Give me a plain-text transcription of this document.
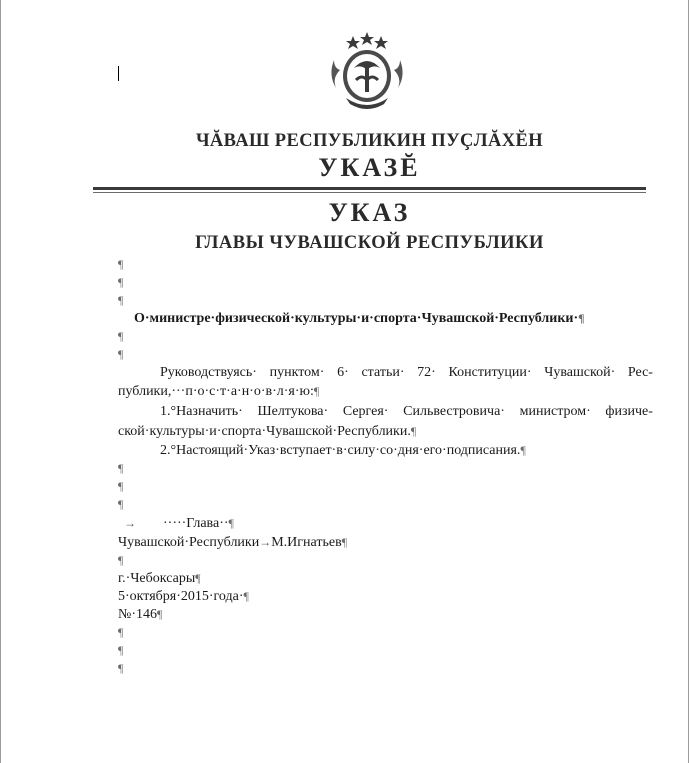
ЧĂВАШ РЕСПУБЛИКИН ПУÇЛĂХĔН
УКАЗĔ
УКАЗ
ГЛАВЫ ЧУВАШСКОЙ РЕСПУБЛИКИ
¶
¶
¶
О·министре·физической·культуры·и·спорта·Чувашской·Республики·¶
¶
¶
Руководствуясь· пунктом· 6· статьи· 72· Конституции· Чувашской· Рес-
публики,···п·о·с·т·а·н·о·в·л·я·ю:¶
1.°Назначить· Шелтукова· Сергея· Сильвестровича· министром· физиче-
ской·культуры·и·спорта·Чувашской·Республики.¶
2.°Настоящий·Указ·вступает·в·силу·со·дня·его·подписания.¶
¶
¶
¶
→ ·····Глава··¶
Чувашской·Республики→М.Игнатьев¶
¶
г.·Чебоксары¶
5·октября·2015·года·¶
№·146¶
¶
¶
¶
